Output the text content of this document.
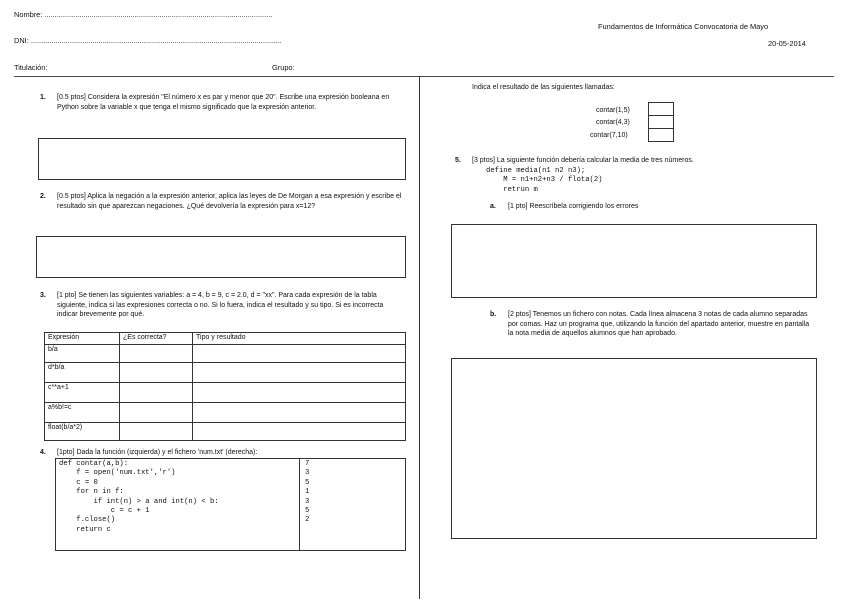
Nombre: ...............................................................................................................
DNI: ..........................................................................................................................
Titulación:	Grupo:
Fundamentos de Informática Convocatoria de Mayo
20-05-2014
1. [0.5 ptos] Considera la expresión "El número x es par y menor que 20". Escribe una expresión booleana en Python sobre la variable x que tenga el mismo significado que la expresión anterior.
2. [0.5 ptos] Aplica la negación a la expresión anterior, aplica las leyes de De Morgan a esa expresión y escribe el resultado sin que aparezcan negaciones. ¿Qué devolvería la expresión para x=12?
3. [1 pto] Se tienen las siguientes variables: a = 4, b = 9, c = 2.0, d = "xx". Para cada expresión de la tabla siguiente, indica si las expresiones correcta o no. Si lo fuera, indica el resultado y su tipo. Si es incorrecta indicar brevemente por qué.
Expresión	¿Es correcta?	Tipo y resultado
b/a		
d*b/a		
c**a+1		
a%b!=c		
float(b/a*2)		
4. [1pto] Dada la función (izquierda) y el fichero 'num.txt' (derecha):
def contar(a,b):
f = open('num.txt','r')
c = 0
for n in f:
if int(n) > a and int(n) < b:
c = c + 1
f.close()
return c
7
3
5
1
3
5
2
Indica el resultado de las siguientes llamadas:
contar(1,5)
contar(4,3)
contar(7,10)
5. [3 ptos] La siguiente función debería calcular la media de tres números.
define media(n1 n2 n3);
M = n1+n2+n3 / flota(2)
retrun m
a. [1 pto] Reescríbela corrigiendo los errores
b. [2 ptos] Tenemos un fichero con notas. Cada línea almacena 3 notas de cada alumno separadas por comas. Haz un programa que, utilizando la función del apartado anterior, muestre en pantalla la nota media de aquellos alumnos que han aprobado.
